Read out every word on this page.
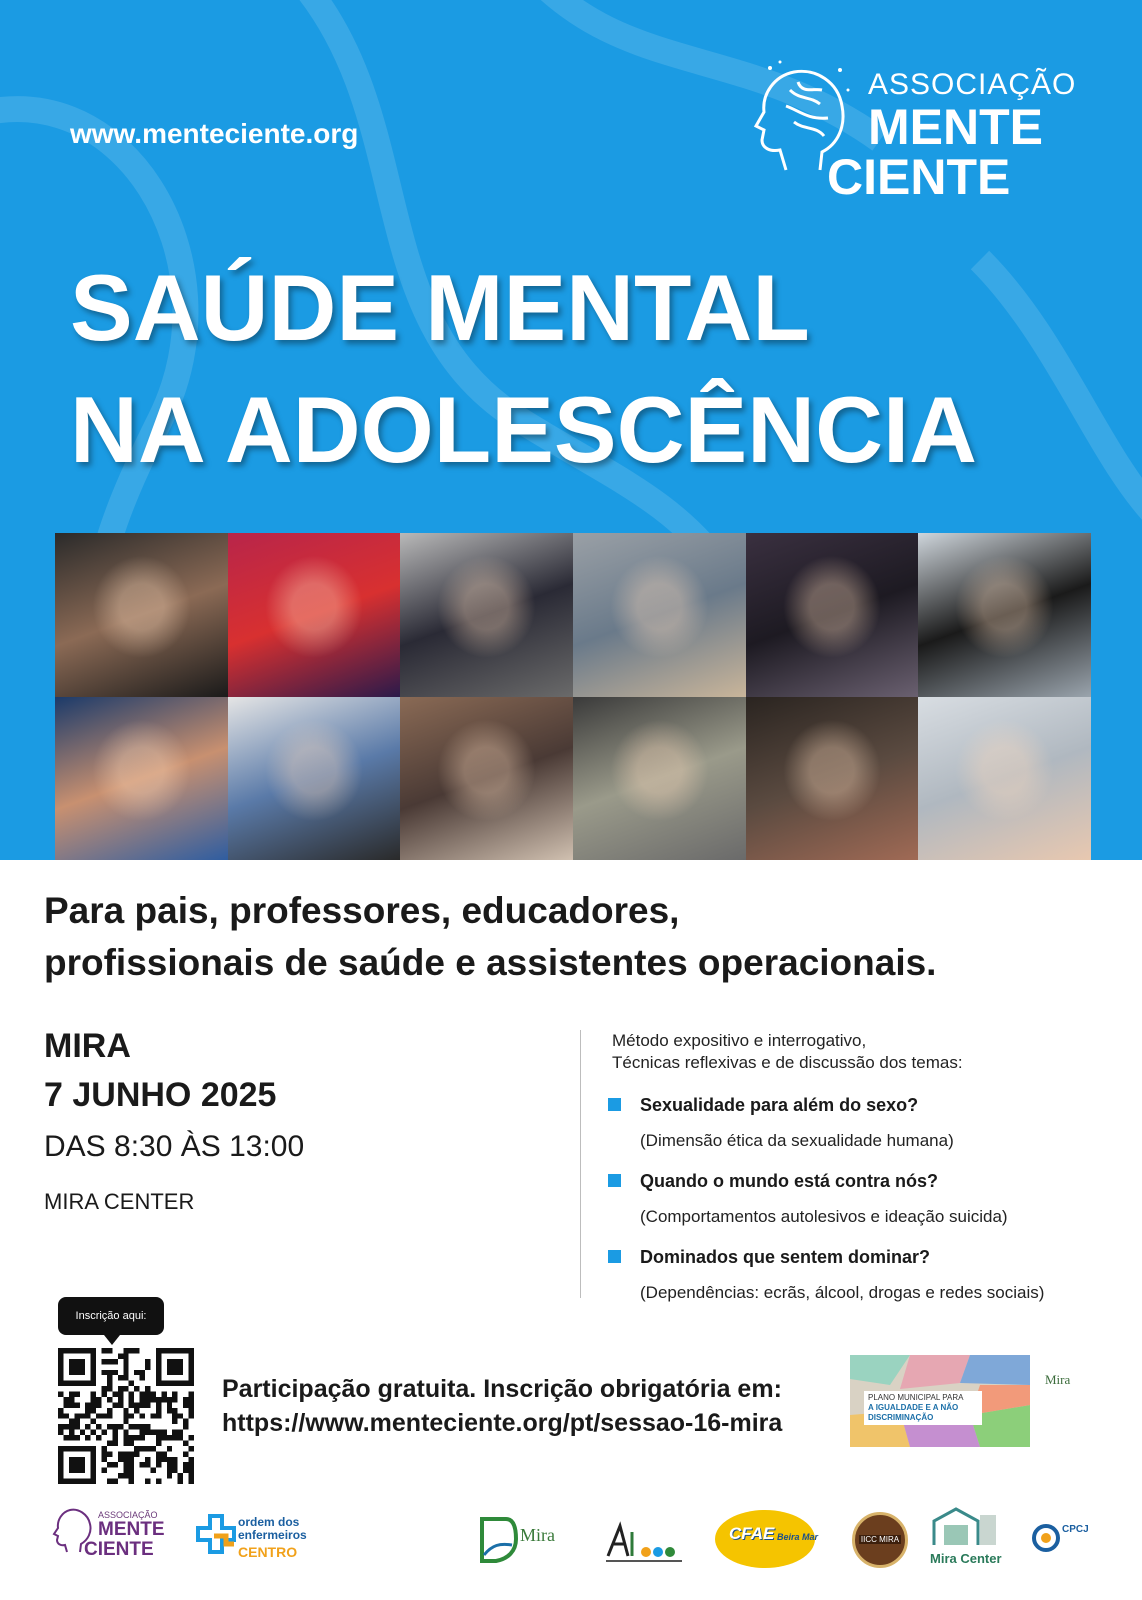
www.menteciente.org
ASSOCIAÇÃO
MENTE
CIENTE
SAÚDE MENTAL
NA ADOLESCÊNCIA
Para pais, professores, educadores,
profissionais de saúde e assistentes operacionais.
MIRA
7 JUNHO 2025
DAS 8:30 ÀS 13:00
MIRA CENTER
Método expositivo e interrogativo,
Técnicas reflexivas e de discussão dos temas:
Sexualidade para além do sexo?
(Dimensão ética da sexualidade humana)
Quando o mundo está contra nós?
(Comportamentos autolesivos e ideação suicida)
Dominados que sentem dominar?
(Dependências: ecrãs, álcool, drogas e redes sociais)
Inscrição aqui:
Participação gratuita. Inscrição obrigatória em:
https://www.menteciente.org/pt/sessao-16-mira
PLANO MUNICIPAL PARA
A IGUALDADE E A NÃO DISCRIMINAÇÃO
Mira
ASSOCIAÇÃO
MENTE
CIENTE
ordem dos
enfermeiros
CENTRO
Mira	CFAE Beira Mar	IICC MIRA
Mira Center
CPCJ
